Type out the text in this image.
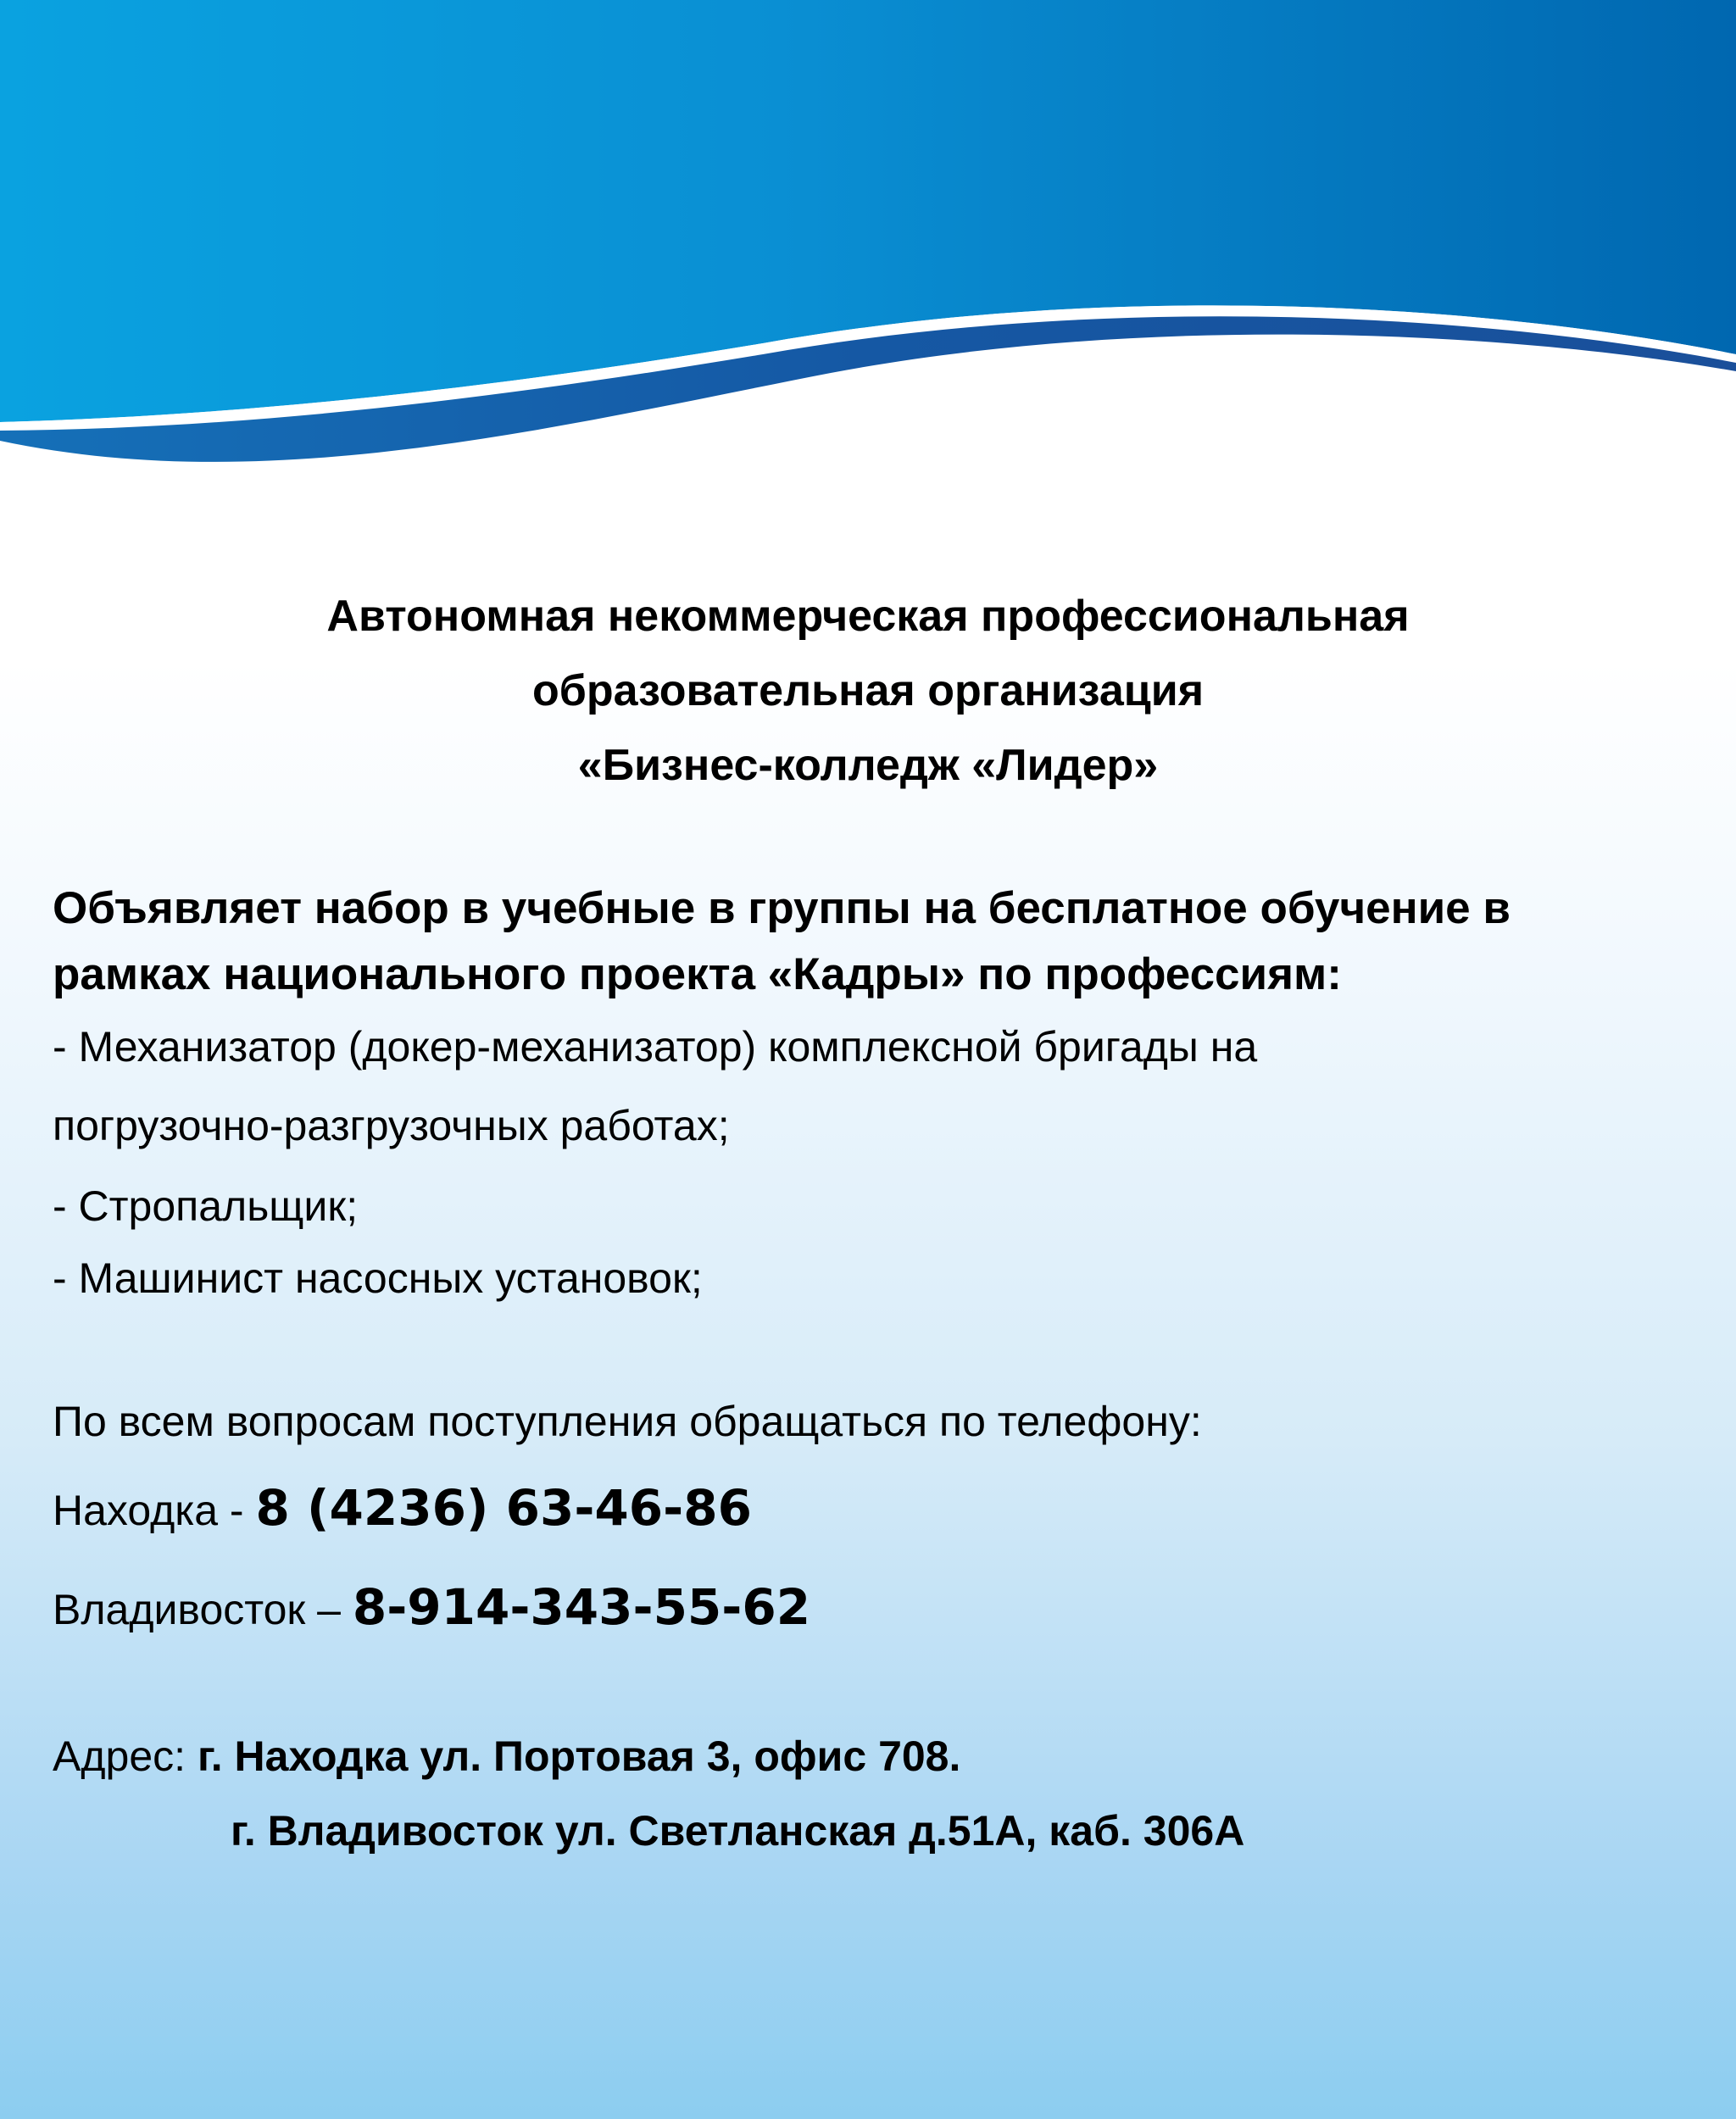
Автономная некоммерческая профессиональная
образовательная организация
«Бизнес-колледж «Лидер»
Объявляет набор в учебные в группы на бесплатное обучение в
рамках национального проекта «Кадры» по профессиям:
- Механизатор (докер-механизатор) комплексной бригады на
погрузочно-разгрузочных работах;
- Стропальщик;
- Машинист насосных установок;
По всем вопросам поступления обращаться по телефону:
Находка - 8 (4236) 63-46-86
Владивосток – 8-914-343-55-62
Адрес: г. Находка ул. Портовая 3, офис 708.
г. Владивосток ул. Светланская д.51А, каб. 306А
